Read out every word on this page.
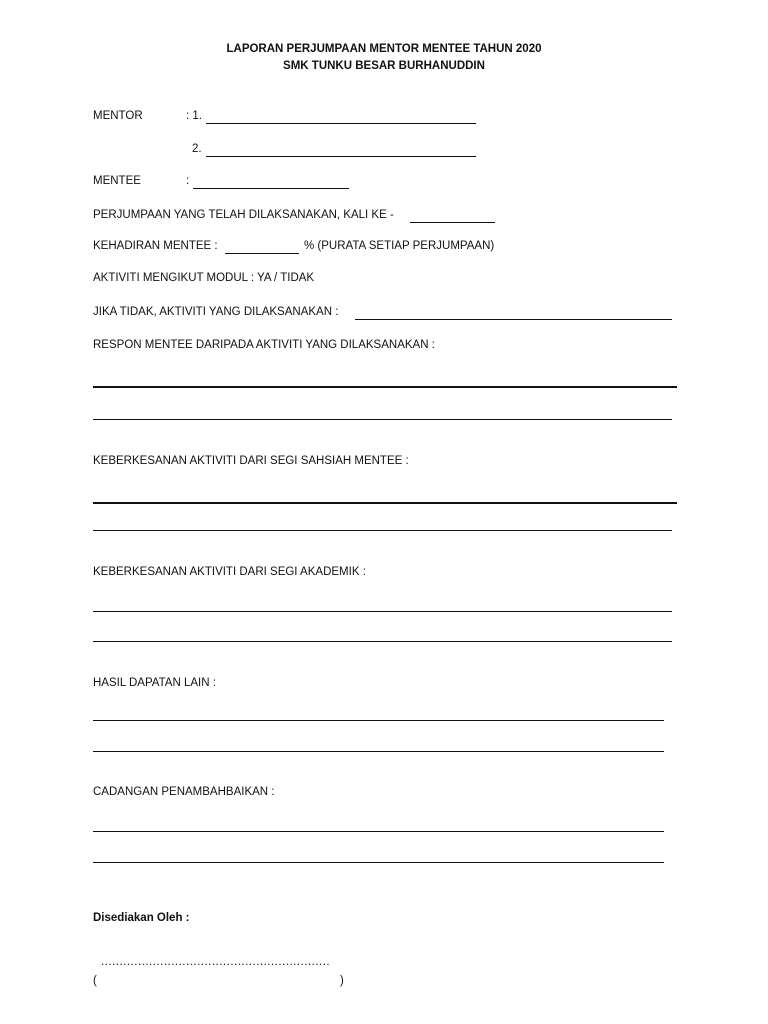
LAPORAN PERJUMPAAN MENTOR MENTEE TAHUN 2020
SMK TUNKU BESAR BURHANUDDIN
MENTOR	: 1.
2.
MENTEE	:
PERJUMPAAN YANG TELAH DILAKSANAKAN, KALI KE -
KEHADIRAN MENTEE :	% (PURATA SETIAP PERJUMPAAN)
AKTIVITI MENGIKUT MODUL : YA / TIDAK
JIKA TIDAK, AKTIVITI YANG DILAKSANAKAN :
RESPON MENTEE DARIPADA AKTIVITI YANG DILAKSANAKAN :
KEBERKESANAN AKTIVITI DARI SEGI SAHSIAH MENTEE :
KEBERKESANAN AKTIVITI DARI SEGI AKADEMIK :
HASIL DAPATAN LAIN :
CADANGAN PENAMBAHBAIKAN :
Disediakan Oleh :
..............................................................
(	)
